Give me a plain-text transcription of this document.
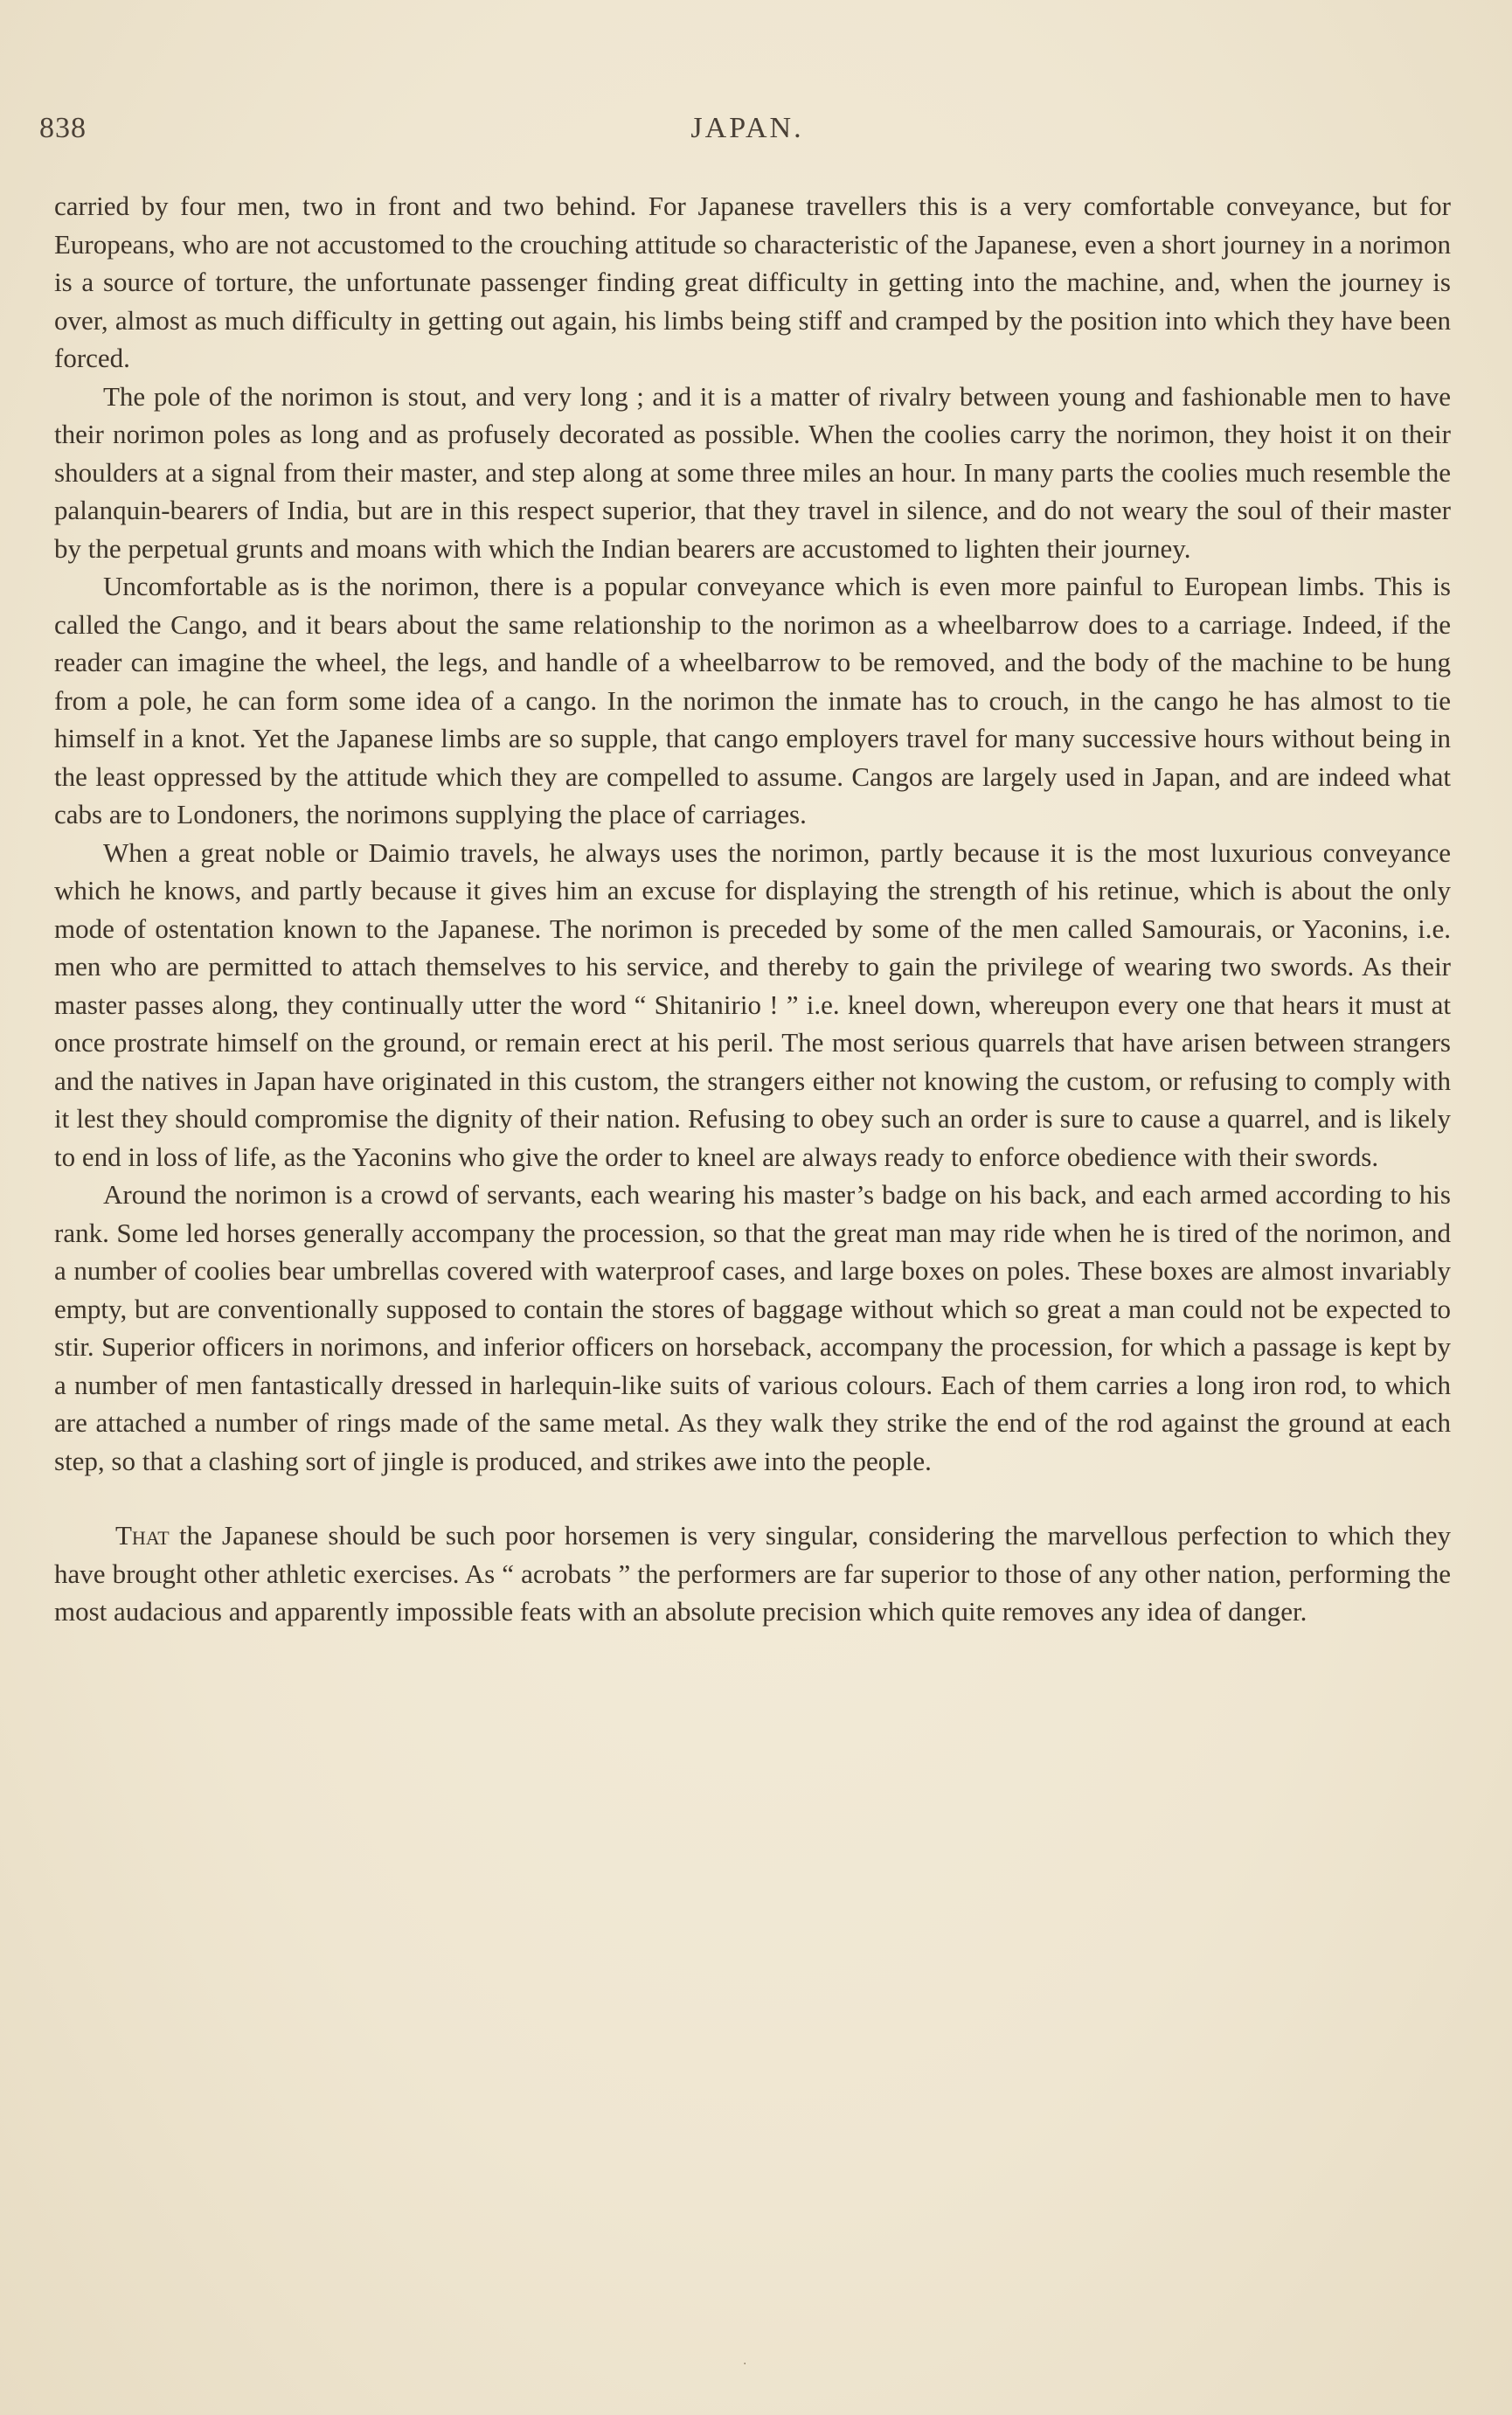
838	JAPAN.

carried by four men, two in front and two behind. For Japanese travellers this is a very comfortable conveyance, but for Europeans, who are not accustomed to the crouching attitude so characteristic of the Japanese, even a short journey in a norimon is a source of torture, the unfortunate passenger finding great difficulty in getting into the machine, and, when the journey is over, almost as much difficulty in getting out again, his limbs being stiff and cramped by the position into which they have been forced.

The pole of the norimon is stout, and very long ; and it is a matter of rivalry between young and fashionable men to have their norimon poles as long and as profusely decorated as possible. When the coolies carry the norimon, they hoist it on their shoulders at a signal from their master, and step along at some three miles an hour. In many parts the coolies much resemble the palanquin-bearers of India, but are in this respect superior, that they travel in silence, and do not weary the soul of their master by the perpetual grunts and moans with which the Indian bearers are accustomed to lighten their journey.

Uncomfortable as is the norimon, there is a popular conveyance which is even more painful to European limbs. This is called the Cango, and it bears about the same relationship to the norimon as a wheelbarrow does to a carriage. Indeed, if the reader can imagine the wheel, the legs, and handle of a wheelbarrow to be removed, and the body of the machine to be hung from a pole, he can form some idea of a cango. In the norimon the inmate has to crouch, in the cango he has almost to tie himself in a knot. Yet the Japanese limbs are so supple, that cango employers travel for many successive hours without being in the least oppressed by the attitude which they are compelled to assume. Cangos are largely used in Japan, and are indeed what cabs are to Londoners, the norimons supplying the place of carriages.

When a great noble or Daimio travels, he always uses the norimon, partly because it is the most luxurious conveyance which he knows, and partly because it gives him an excuse for displaying the strength of his retinue, which is about the only mode of ostentation known to the Japanese. The norimon is preceded by some of the men called Samourais, or Yaconins, i.e. men who are permitted to attach themselves to his service, and thereby to gain the privilege of wearing two swords. As their master passes along, they continually utter the word “ Shitanirio ! ” i.e. kneel down, whereupon every one that hears it must at once prostrate himself on the ground, or remain erect at his peril. The most serious quarrels that have arisen between strangers and the natives in Japan have originated in this custom, the strangers either not knowing the custom, or refusing to comply with it lest they should compromise the dignity of their nation. Refusing to obey such an order is sure to cause a quarrel, and is likely to end in loss of life, as the Yaconins who give the order to kneel are always ready to enforce obedience with their swords.

Around the norimon is a crowd of servants, each wearing his master’s badge on his back, and each armed according to his rank. Some led horses generally accompany the procession, so that the great man may ride when he is tired of the norimon, and a number of coolies bear umbrellas covered with waterproof cases, and large boxes on poles. These boxes are almost invariably empty, but are conventionally supposed to contain the stores of baggage without which so great a man could not be expected to stir. Superior officers in norimons, and inferior officers on horseback, accompany the procession, for which a passage is kept by a number of men fantastically dressed in harlequin-like suits of various colours. Each of them carries a long iron rod, to which are attached a number of rings made of the same metal. As they walk they strike the end of the rod against the ground at each step, so that a clashing sort of jingle is produced, and strikes awe into the people.

That the Japanese should be such poor horsemen is very singular, considering the marvellous perfection to which they have brought other athletic exercises. As “ acrobats ” the performers are far superior to those of any other nation, performing the most audacious and apparently impossible feats with an absolute precision which quite removes any idea of danger.

·
